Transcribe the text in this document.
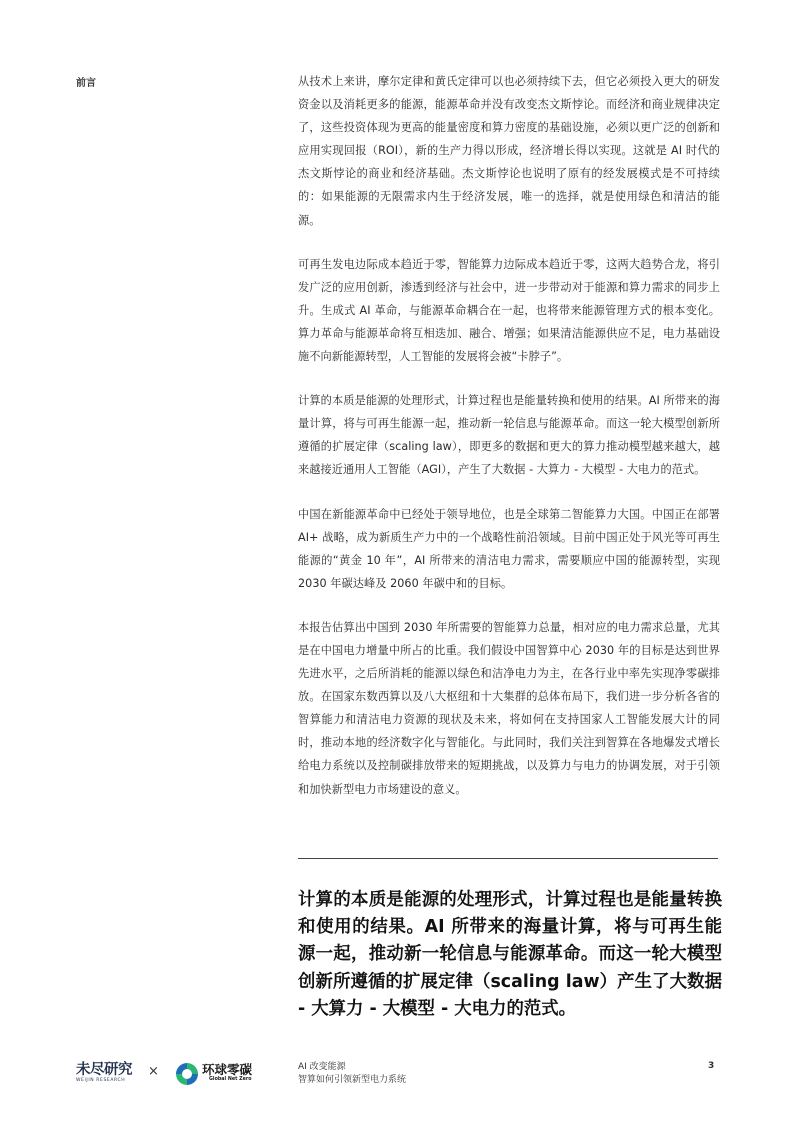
前言	从技术上来讲，摩尔定律和黄氏定律可以也必须持续下去，但它必须投入更大的研发资金以及消耗更多的能源，能源革命并没有改变杰文斯悖论。而经济和商业规律决定了，这些投资体现为更高的能量密度和算力密度的基础设施，必须以更广泛的创新和应用实现回报（ROI），新的生产力得以形成，经济增长得以实现。这就是 AI 时代的杰文斯悖论的商业和经济基础。杰文斯悖论也说明了原有的经发展模式是不可持续的：如果能源的无限需求内生于经济发展，唯一的选择，就是使用绿色和清洁的能源。

可再生发电边际成本趋近于零，智能算力边际成本趋近于零，这两大趋势合龙，将引发广泛的应用创新，渗透到经济与社会中，进一步带动对于能源和算力需求的同步上升。生成式 AI 革命，与能源革命耦合在一起，也将带来能源管理方式的根本变化。算力革命与能源革命将互相迭加、融合、增强；如果清洁能源供应不足，电力基础设施不向新能源转型，人工智能的发展将会被“卡脖子”。

计算的本质是能源的处理形式，计算过程也是能量转换和使用的结果。AI 所带来的海量计算，将与可再生能源一起，推动新一轮信息与能源革命。而这一轮大模型创新所遵循的扩展定律（scaling law），即更多的数据和更大的算力推动模型越来越大，越来越接近通用人工智能（AGI），产生了大数据 - 大算力 - 大模型 - 大电力的范式。

中国在新能源革命中已经处于领导地位，也是全球第二智能算力大国。中国正在部署 AI+ 战略，成为新质生产力中的一个战略性前沿领域。目前中国正处于风光等可再生能源的“黄金 10 年”，AI 所带来的清洁电力需求，需要顺应中国的能源转型，实现 2030 年碳达峰及 2060 年碳中和的目标。

本报告估算出中国到 2030 年所需要的智能算力总量，相对应的电力需求总量，尤其是在中国电力增量中所占的比重。我们假设中国智算中心 2030 年的目标是达到世界先进水平，之后所消耗的能源以绿色和洁净电力为主，在各行业中率先实现净零碳排放。在国家东数西算以及八大枢纽和十大集群的总体布局下，我们进一步分析各省的智算能力和清洁电力资源的现状及未来，将如何在支持国家人工智能发展大计的同时，推动本地的经济数字化与智能化。与此同时，我们关注到智算在各地爆发式增长给电力系统以及控制碳排放带来的短期挑战，以及算力与电力的协调发展，对于引领和加快新型电力市场建设的意义。

计算的本质是能源的处理形式，计算过程也是能量转换和使用的结果。AI 所带来的海量计算，将与可再生能源一起，推动新一轮信息与能源革命。而这一轮大模型创新所遵循的扩展定律（scaling law）产生了大数据 - 大算力 - 大模型 - 大电力的范式。

未尽研究
WEIJIN RESEARCH
×	环球零碳
Global Net Zero
AI 改变能源
智算如何引领新型电力系统
3
